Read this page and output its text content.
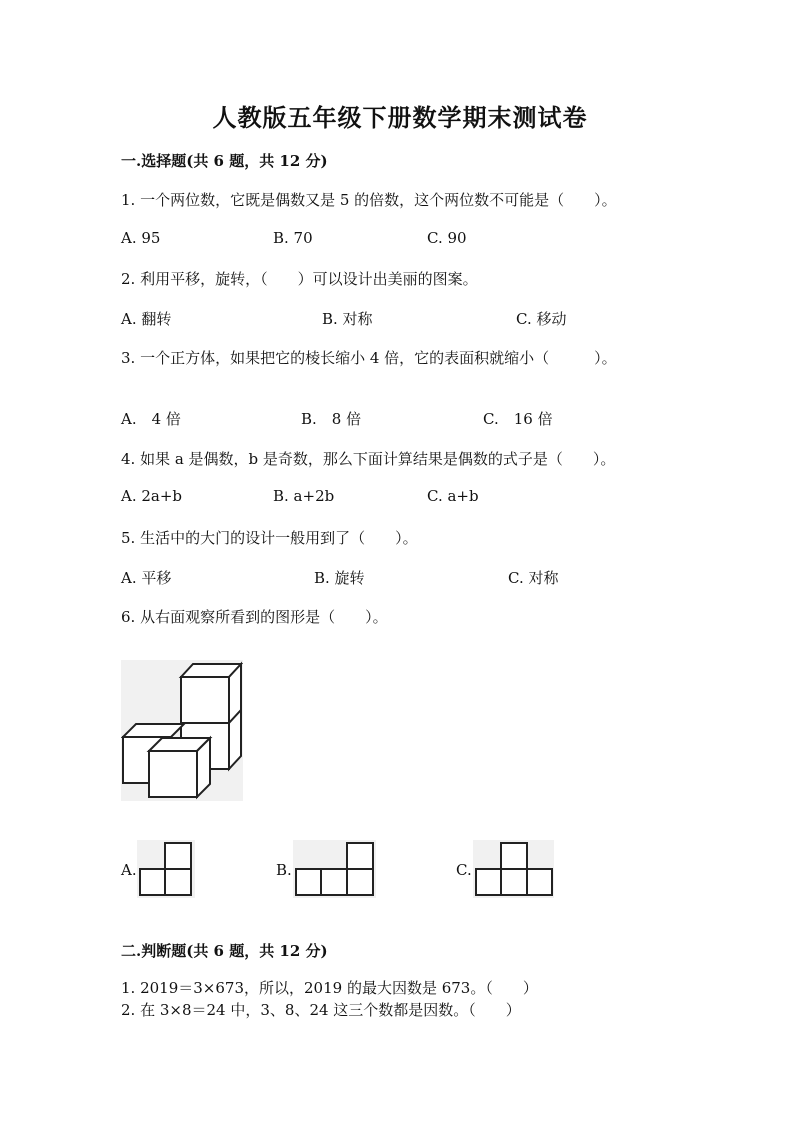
人教版五年级下册数学期末测试卷
一.选择题(共 6 题，共 12 分)
1. 一个两位数，它既是偶数又是 5 的倍数，这个两位数不可能是（　　）。
A. 95	B. 70	C. 90
2. 利用平移，旋转，（　　）可以设计出美丽的图案。
A. 翻转	B. 对称	C. 移动
3. 一个正方体，如果把它的棱长缩小 4 倍，它的表面积就缩小（　　　）。
A.　4 倍	B.　8 倍	C.　16 倍
4. 如果 a 是偶数，b 是奇数，那么下面计算结果是偶数的式子是（　　）。
A. 2a+b	B. a+2b	C. a+b
5. 生活中的大门的设计一般用到了（　　）。
A. 平移	B. 旋转	C. 对称
6. 从右面观察所看到的图形是（　　）。
A.	B.	C.
二.判断题(共 6 题，共 12 分)
1. 2019＝3×673，所以，2019 的最大因数是 673。（　　）
2. 在 3×8＝24 中，3、8、24 这三个数都是因数。（　　）
